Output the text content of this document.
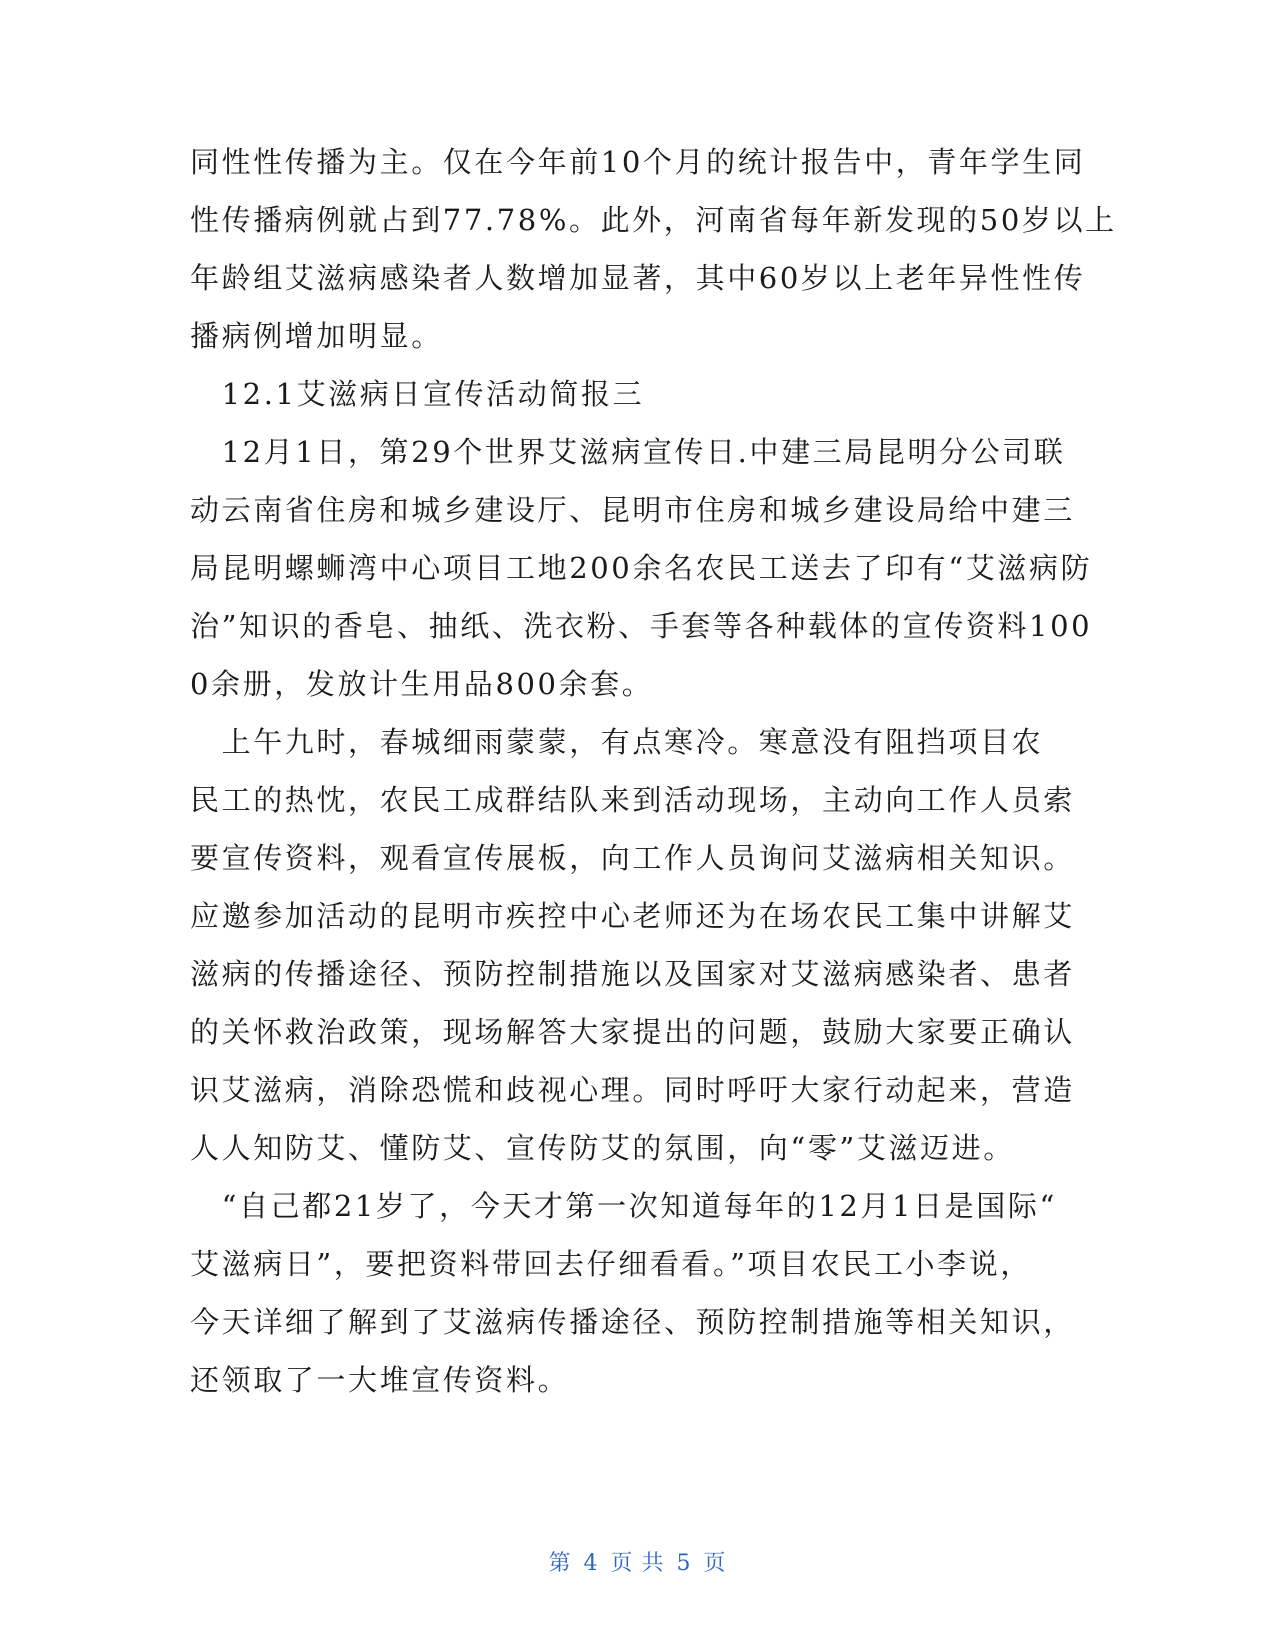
同性性传播为主。仅在今年前10个月的统计报告中，青年学生同
性传播病例就占到77.78%。此外，河南省每年新发现的50岁以上
年龄组艾滋病感染者人数增加显著，其中60岁以上老年异性性传
播病例增加明显。
　12.1艾滋病日宣传活动简报三
　12月1日，第29个世界艾滋病宣传日.中建三局昆明分公司联
动云南省住房和城乡建设厅、昆明市住房和城乡建设局给中建三
局昆明螺蛳湾中心项目工地200余名农民工送去了印有“艾滋病防
治”知识的香皂、抽纸、洗衣粉、手套等各种载体的宣传资料100
0余册，发放计生用品800余套。
　上午九时，春城细雨蒙蒙，有点寒冷。寒意没有阻挡项目农
民工的热忱，农民工成群结队来到活动现场，主动向工作人员索
要宣传资料，观看宣传展板，向工作人员询问艾滋病相关知识。
应邀参加活动的昆明市疾控中心老师还为在场农民工集中讲解艾
滋病的传播途径、预防控制措施以及国家对艾滋病感染者、患者
的关怀救治政策，现场解答大家提出的问题，鼓励大家要正确认
识艾滋病，消除恐慌和歧视心理。同时呼吁大家行动起来，营造
人人知防艾、懂防艾、宣传防艾的氛围，向“零”艾滋迈进。
　“自己都21岁了，今天才第一次知道每年的12月1日是国际“
艾滋病日”，要把资料带回去仔细看看。”项目农民工小李说，
今天详细了解到了艾滋病传播途径、预防控制措施等相关知识，
还领取了一大堆宣传资料。
第 4 页 共 5 页
